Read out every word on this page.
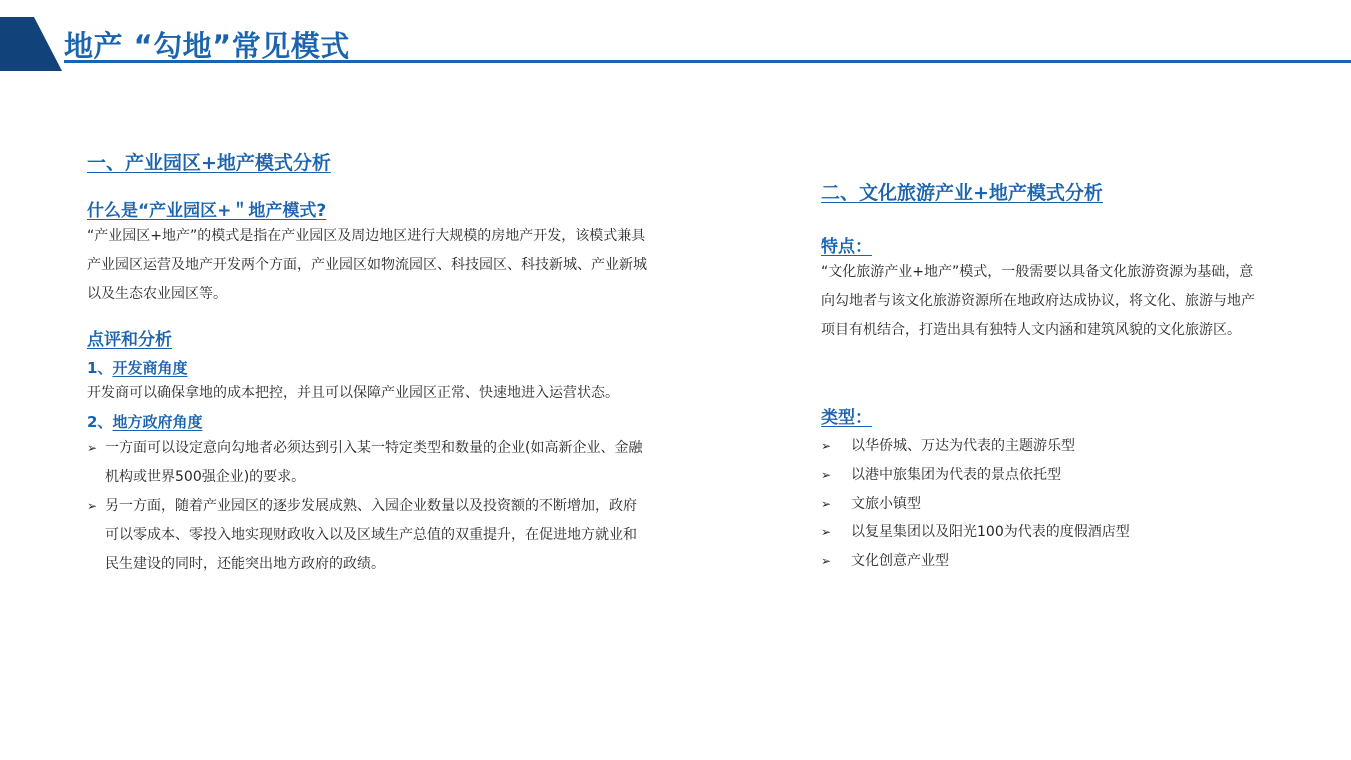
地产 “勾地”常见模式
一、产业园区+地产模式分析
什么是“产业园区+＂地产模式?
“产业园区+地产”的模式是指在产业园区及周边地区进行大规模的房地产开发，该模式兼具产业园区运营及地产开发两个方面，产业园区如物流园区、科技园区、科技新城、产业新城以及生态农业园区等。
点评和分析
1、开发商角度
开发商可以确保拿地的成本把控，并且可以保障产业园区正常、快速地进入运营状态。
2、地方政府角度
➢ 一方面可以设定意向勾地者必须达到引入某一特定类型和数量的企业(如高新企业、金融机构或世界500强企业)的要求。
➢ 另一方面，随着产业园区的逐步发展成熟、入园企业数量以及投资额的不断增加，政府可以零成本、零投入地实现财政收入以及区域生产总值的双重提升，在促进地方就业和民生建设的同时，还能突出地方政府的政绩。
二、文化旅游产业+地产模式分析
特点：
“文化旅游产业+地产”模式，一般需要以具备文化旅游资源为基础，意向勾地者与该文化旅游资源所在地政府达成协议，将文化、旅游与地产项目有机结合，打造出具有独特人文内涵和建筑风貌的文化旅游区。
类型：
➢ 以华侨城、万达为代表的主题游乐型
➢ 以港中旅集团为代表的景点依托型
➢ 文旅小镇型
➢ 以复星集团以及阳光100为代表的度假酒店型
➢ 文化创意产业型
